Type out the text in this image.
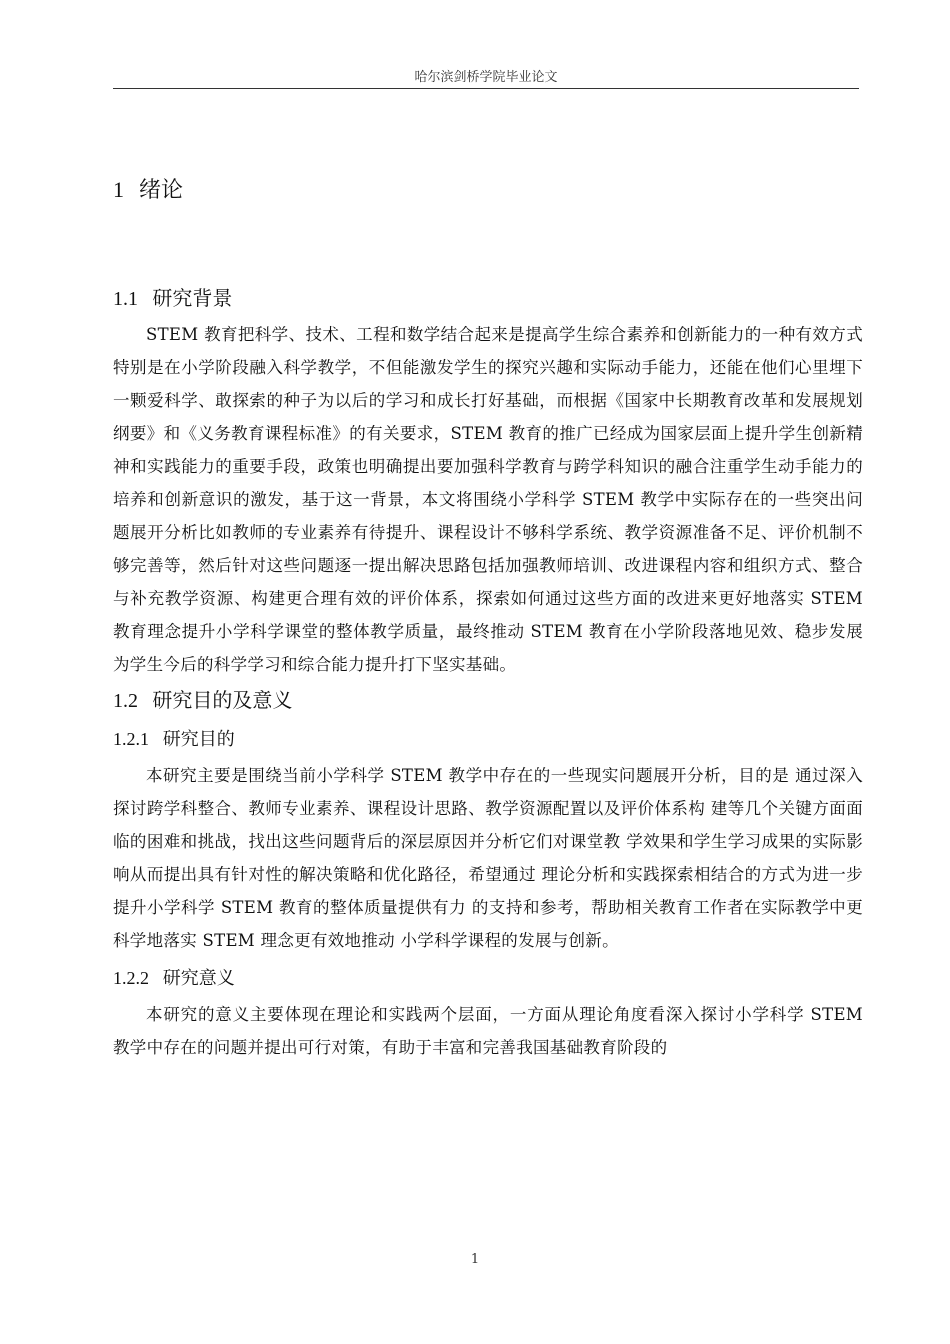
哈尔滨剑桥学院毕业论文
1 绪论
1.1 研究背景

STEM 教育把科学、技术、工程和数学结合起来是提高学生综合素养和创新能力的一种有效方式特别是在小学阶段融入科学教学，不但能激发学生的探究兴趣和实际动手能力，还能在他们心里埋下一颗爱科学、敢探索的种子为以后的学习和成长打好基础，而根据《国家中长期教育改革和发展规划纲要》和《义务教育课程标准》的有关要求，STEM 教育的推广已经成为国家层面上提升学生创新精神和实践能力的重要手段，政策也明确提出要加强科学教育与跨学科知识的融合注重学生动手能力的培养和创新意识的激发，基于这一背景，本文将围绕小学科学 STEM 教学中实际存在的一些突出问题展开分析比如教师的专业素养有待提升、课程设计不够科学系统、教学资源准备不足、评价机制不够完善等，然后针对这些问题逐一提出解决思路包括加强教师培训、改进课程内容和组织方式、整合与补充教学资源、构建更合理有效的评价体系，探索如何通过这些方面的改进来更好地落实 STEM 教育理念提升小学科学课堂的整体教学质量，最终推动 STEM 教育在小学阶段落地见效、稳步发展为学生今后的科学学习和综合能力提升打下坚实基础。

1.2 研究目的及意义
1.2.1 研究目的

本研究主要是围绕当前小学科学 STEM 教学中存在的一些现实问题展开分析，目的是 通过深入探讨跨学科整合、教师专业素养、课程设计思路、教学资源配置以及评价体系构 建等几个关键方面面临的困难和挑战，找出这些问题背后的深层原因并分析它们对课堂教 学效果和学生学习成果的实际影响从而提出具有针对性的解决策略和优化路径，希望通过 理论分析和实践探索相结合的方式为进一步提升小学科学 STEM 教育的整体质量提供有力 的支持和参考，帮助相关教育工作者在实际教学中更科学地落实 STEM 理念更有效地推动 小学科学课程的发展与创新。

1.2.2 研究意义

本研究的意义主要体现在理论和实践两个层面，一方面从理论角度看深入探讨小学科学 STEM 教学中存在的问题并提出可行对策，有助于丰富和完善我国基础教育阶段的

1
